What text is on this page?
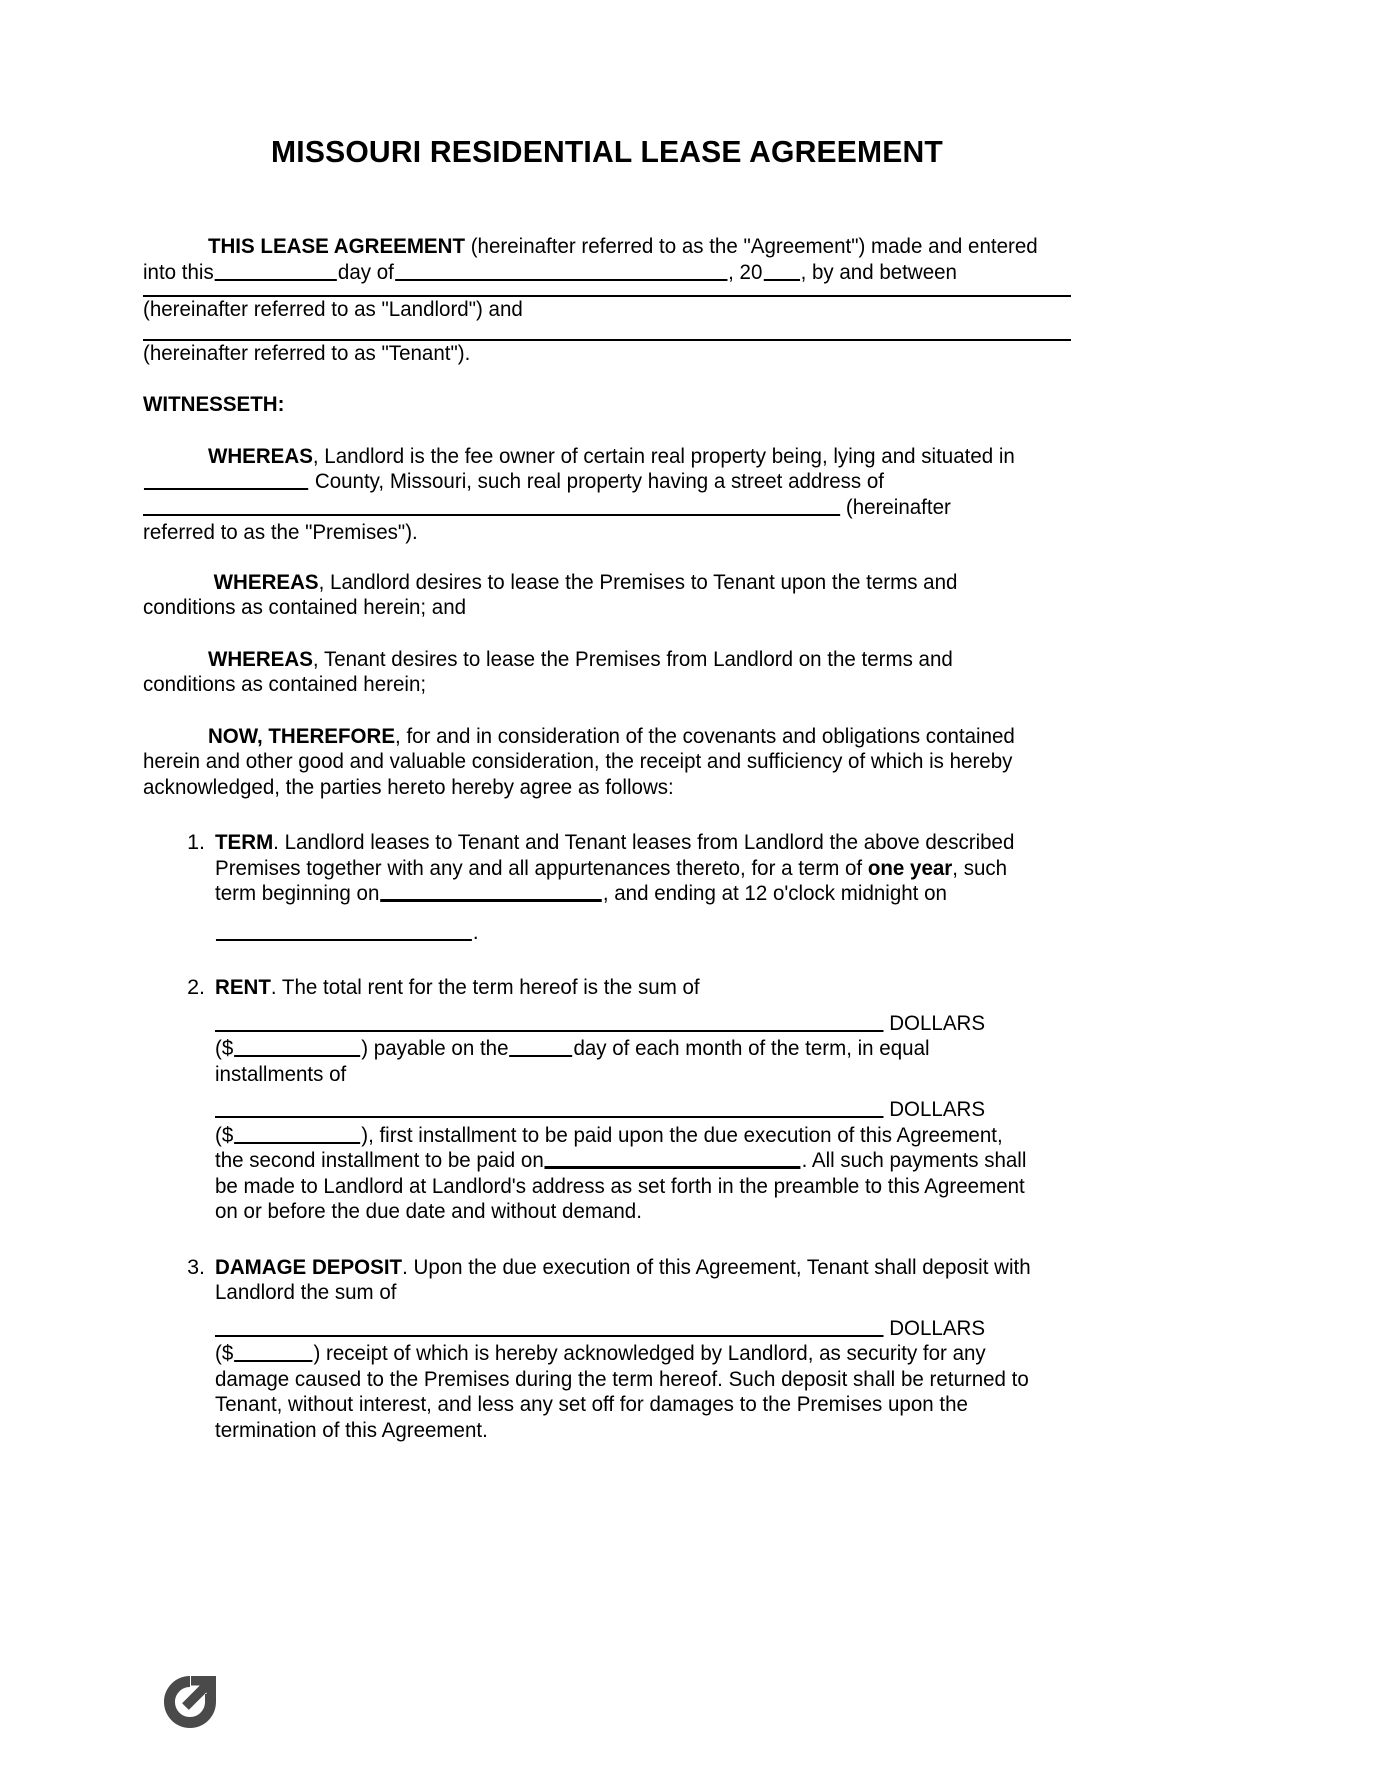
MISSOURI RESIDENTIAL LEASE AGREEMENT

THIS LEASE AGREEMENT (hereinafter referred to as the "Agreement") made and entered
into this	day of	, 20 , by and between

(hereinafter referred to as "Landlord") and

(hereinafter referred to as "Tenant").

WITNESSETH:

WHEREAS, Landlord is the fee owner of certain real property being, lying and situated in
County, Missouri, such real property having a street address of
(hereinafter
referred to as the "Premises").

WHEREAS, Landlord desires to lease the Premises to Tenant upon the terms and
conditions as contained herein; and

WHEREAS, Tenant desires to lease the Premises from Landlord on the terms and
conditions as contained herein;

NOW, THEREFORE, for and in consideration of the covenants and obligations contained
herein and other good and valuable consideration, the receipt and sufficiency of which is hereby
acknowledged, the parties hereto hereby agree as follows:

1. TERM. Landlord leases to Tenant and Tenant leases from Landlord the above described
Premises together with any and all appurtenances thereto, for a term of one year, such
term beginning on	, and ending at 12 o'clock midnight on
.
2. RENT. The total rent for the term hereof is the sum of
DOLLARS
($	) payable on the	day of each month of the term, in equal
installments of
DOLLARS
($	), first installment to be paid upon the due execution of this Agreement,
the second installment to be paid on	. All such payments shall
be made to Landlord at Landlord's address as set forth in the preamble to this Agreement
on or before the due date and without demand.
3. DAMAGE DEPOSIT. Upon the due execution of this Agreement, Tenant shall deposit with
Landlord the sum of
DOLLARS
($	) receipt of which is hereby acknowledged by Landlord, as security for any
damage caused to the Premises during the term hereof. Such deposit shall be returned to
Tenant, without interest, and less any set off for damages to the Premises upon the
termination of this Agreement.
